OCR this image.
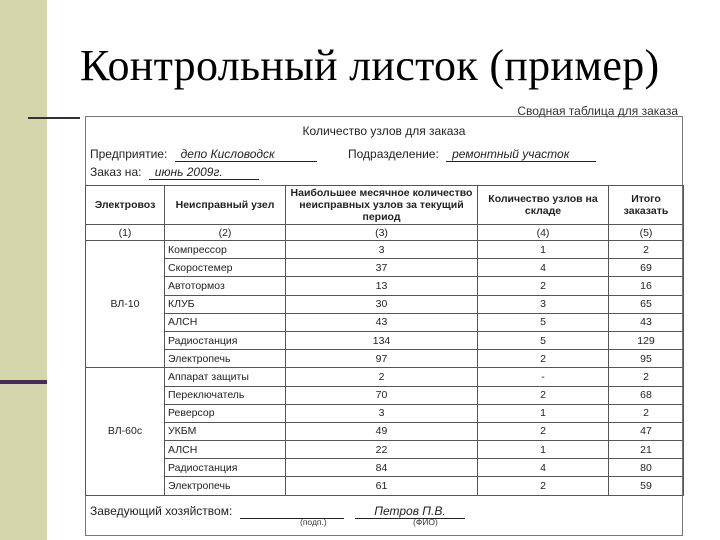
Контрольный листок (пример)
Сводная таблица для заказа
Количество узлов для заказа
Предприятие: депо Кисловодск	Подразделение: ремонтный участок
Заказ на: июнь 2009г.
Электровоз	Неисправный узел	Наибольшее месячное количество неисправных узлов за текущий период	Количество узлов на складе	Итого заказать
(1)	(2)	(3)	(4)	(5)
ВЛ-10	Компрессор	3	1	2
	Скоростемер	37	4	69
	Автотормоз	13	2	16
	КЛУБ	30	3	65
	АЛСН	43	5	43
	Радиостанция	134	5	129
	Электропечь	97	2	95
ВЛ-60с	Аппарат защиты	2	-	2
	Переключатель	70	2	68
	Реверсор	3	1	2
	УКБМ	49	2	47
	АЛСН	22	1	21
	Радиостанция	84	4	80
	Электропечь	61	2	59
Заведующий хозяйством:	Петров П.В.
(подп.)	(ФИО)
